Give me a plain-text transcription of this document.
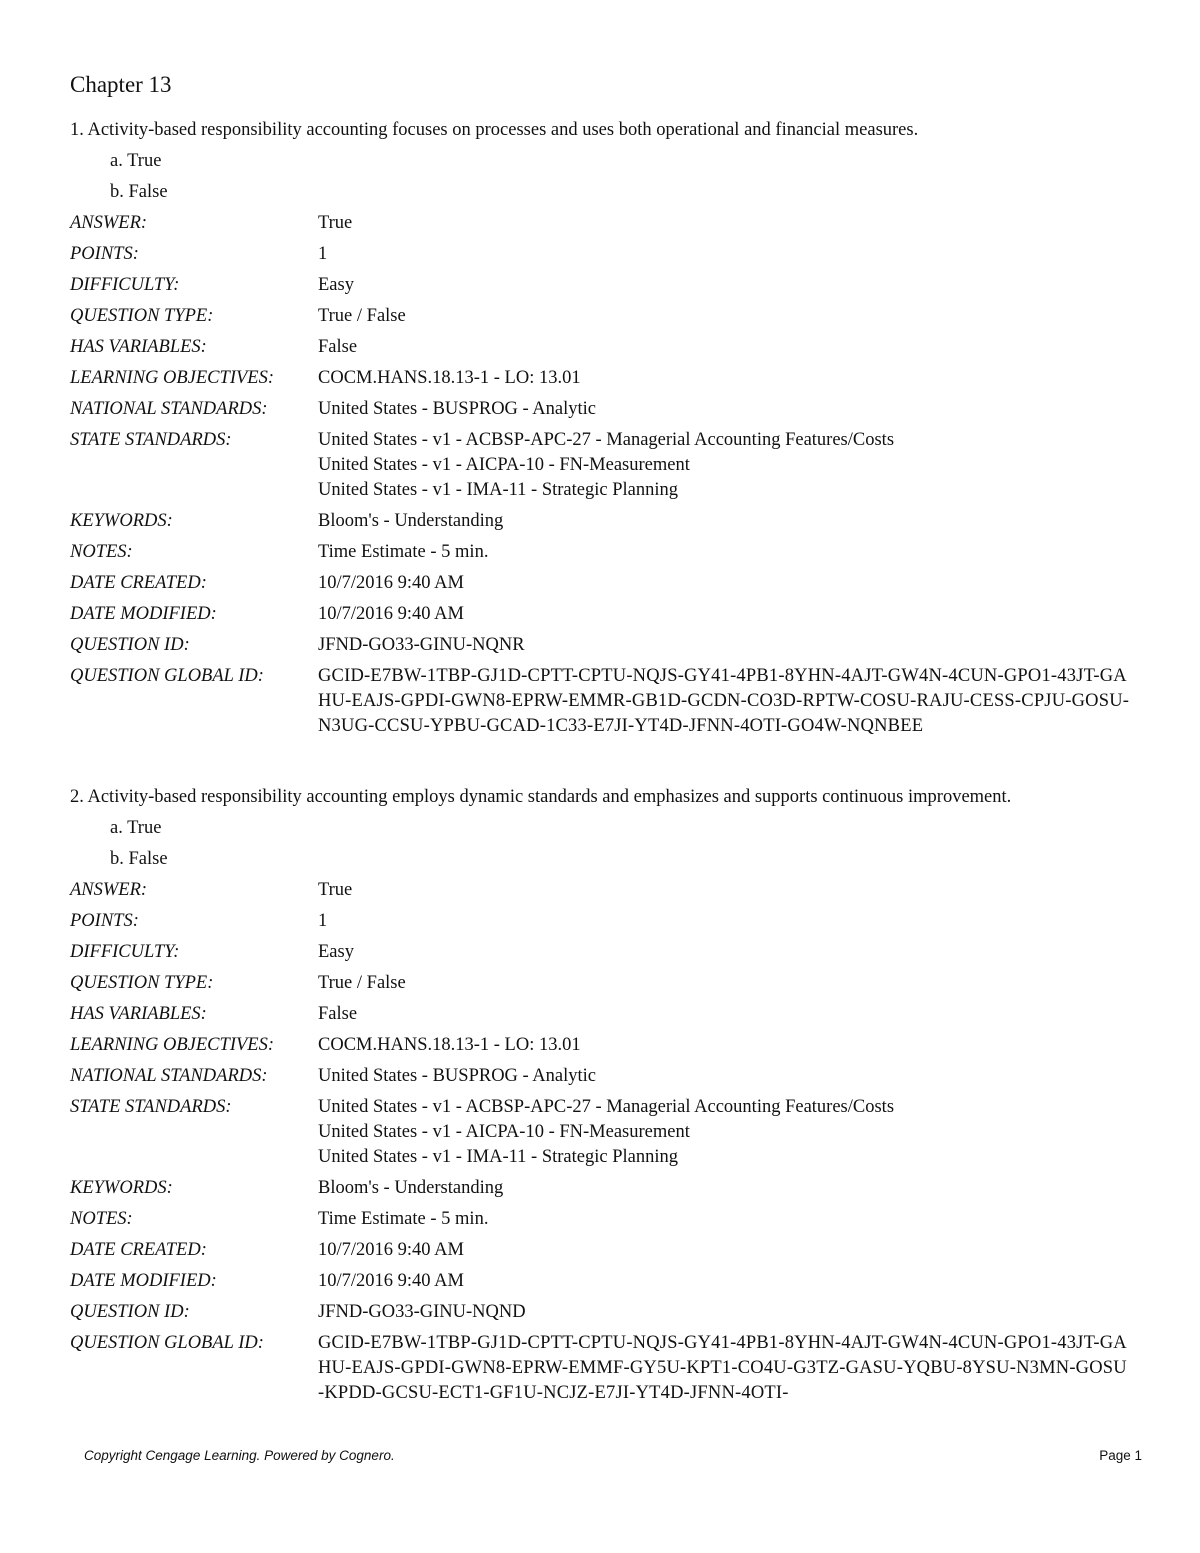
Chapter 13

1. Activity-based responsibility accounting focuses on processes and uses both operational and financial measures.

a. True
b. False
ANSWER:	True
POINTS:	1
DIFFICULTY:	Easy
QUESTION TYPE:	True / False
HAS VARIABLES:	False
LEARNING OBJECTIVES:	COCM.HANS.18.13-1 - LO: 13.01
NATIONAL STANDARDS:	United States - BUSPROG - Analytic
STATE STANDARDS:	United States - v1 - ACBSP-APC-27 - Managerial Accounting Features/Costs
United States - v1 - AICPA-10 - FN-Measurement
United States - v1 - IMA-11 - Strategic Planning
KEYWORDS:	Bloom's - Understanding
NOTES:	Time Estimate - 5 min.
DATE CREATED:	10/7/2016 9:40 AM
DATE MODIFIED:	10/7/2016 9:40 AM
QUESTION ID:	JFND-GO33-GINU-NQNR
QUESTION GLOBAL ID:	GCID-E7BW-1TBP-GJ1D-CPTT-CPTU-NQJS-GY41-4PB1-8YHN-4AJT-GW4N-4CUN-GPO1-43JT-GAHU-EAJS-GPDI-GWN8-EPRW-EMMR-GB1D-GCDN-CO3D-RPTW-COSU-RAJU-CESS-CPJU-GOSU-N3UG-CCSU-YPBU-GCAD-1C33-E7JI-YT4D-JFNN-4OTI-GO4W-NQNBEE

2. Activity-based responsibility accounting employs dynamic standards and emphasizes and supports continuous improvement.

a. True
b. False
ANSWER:	True
POINTS:	1
DIFFICULTY:	Easy
QUESTION TYPE:	True / False
HAS VARIABLES:	False
LEARNING OBJECTIVES:	COCM.HANS.18.13-1 - LO: 13.01
NATIONAL STANDARDS:	United States - BUSPROG - Analytic
STATE STANDARDS:	United States - v1 - ACBSP-APC-27 - Managerial Accounting Features/Costs
United States - v1 - AICPA-10 - FN-Measurement
United States - v1 - IMA-11 - Strategic Planning
KEYWORDS:	Bloom's - Understanding
NOTES:	Time Estimate - 5 min.
DATE CREATED:	10/7/2016 9:40 AM
DATE MODIFIED:	10/7/2016 9:40 AM
QUESTION ID:	JFND-GO33-GINU-NQND
QUESTION GLOBAL ID:	GCID-E7BW-1TBP-GJ1D-CPTT-CPTU-NQJS-GY41-4PB1-8YHN-4AJT-GW4N-4CUN-GPO1-43JT-GAHU-EAJS-GPDI-GWN8-EPRW-EMMF-GY5U-KPT1-CO4U-G3TZ-GASU-YQBU-8YSU-N3MN-GOSU-KPDD-GCSU-ECT1-GF1U-NCJZ-E7JI-YT4D-JFNN-4OTI-
Copyright Cengage Learning. Powered by Cognero.	Page 1
